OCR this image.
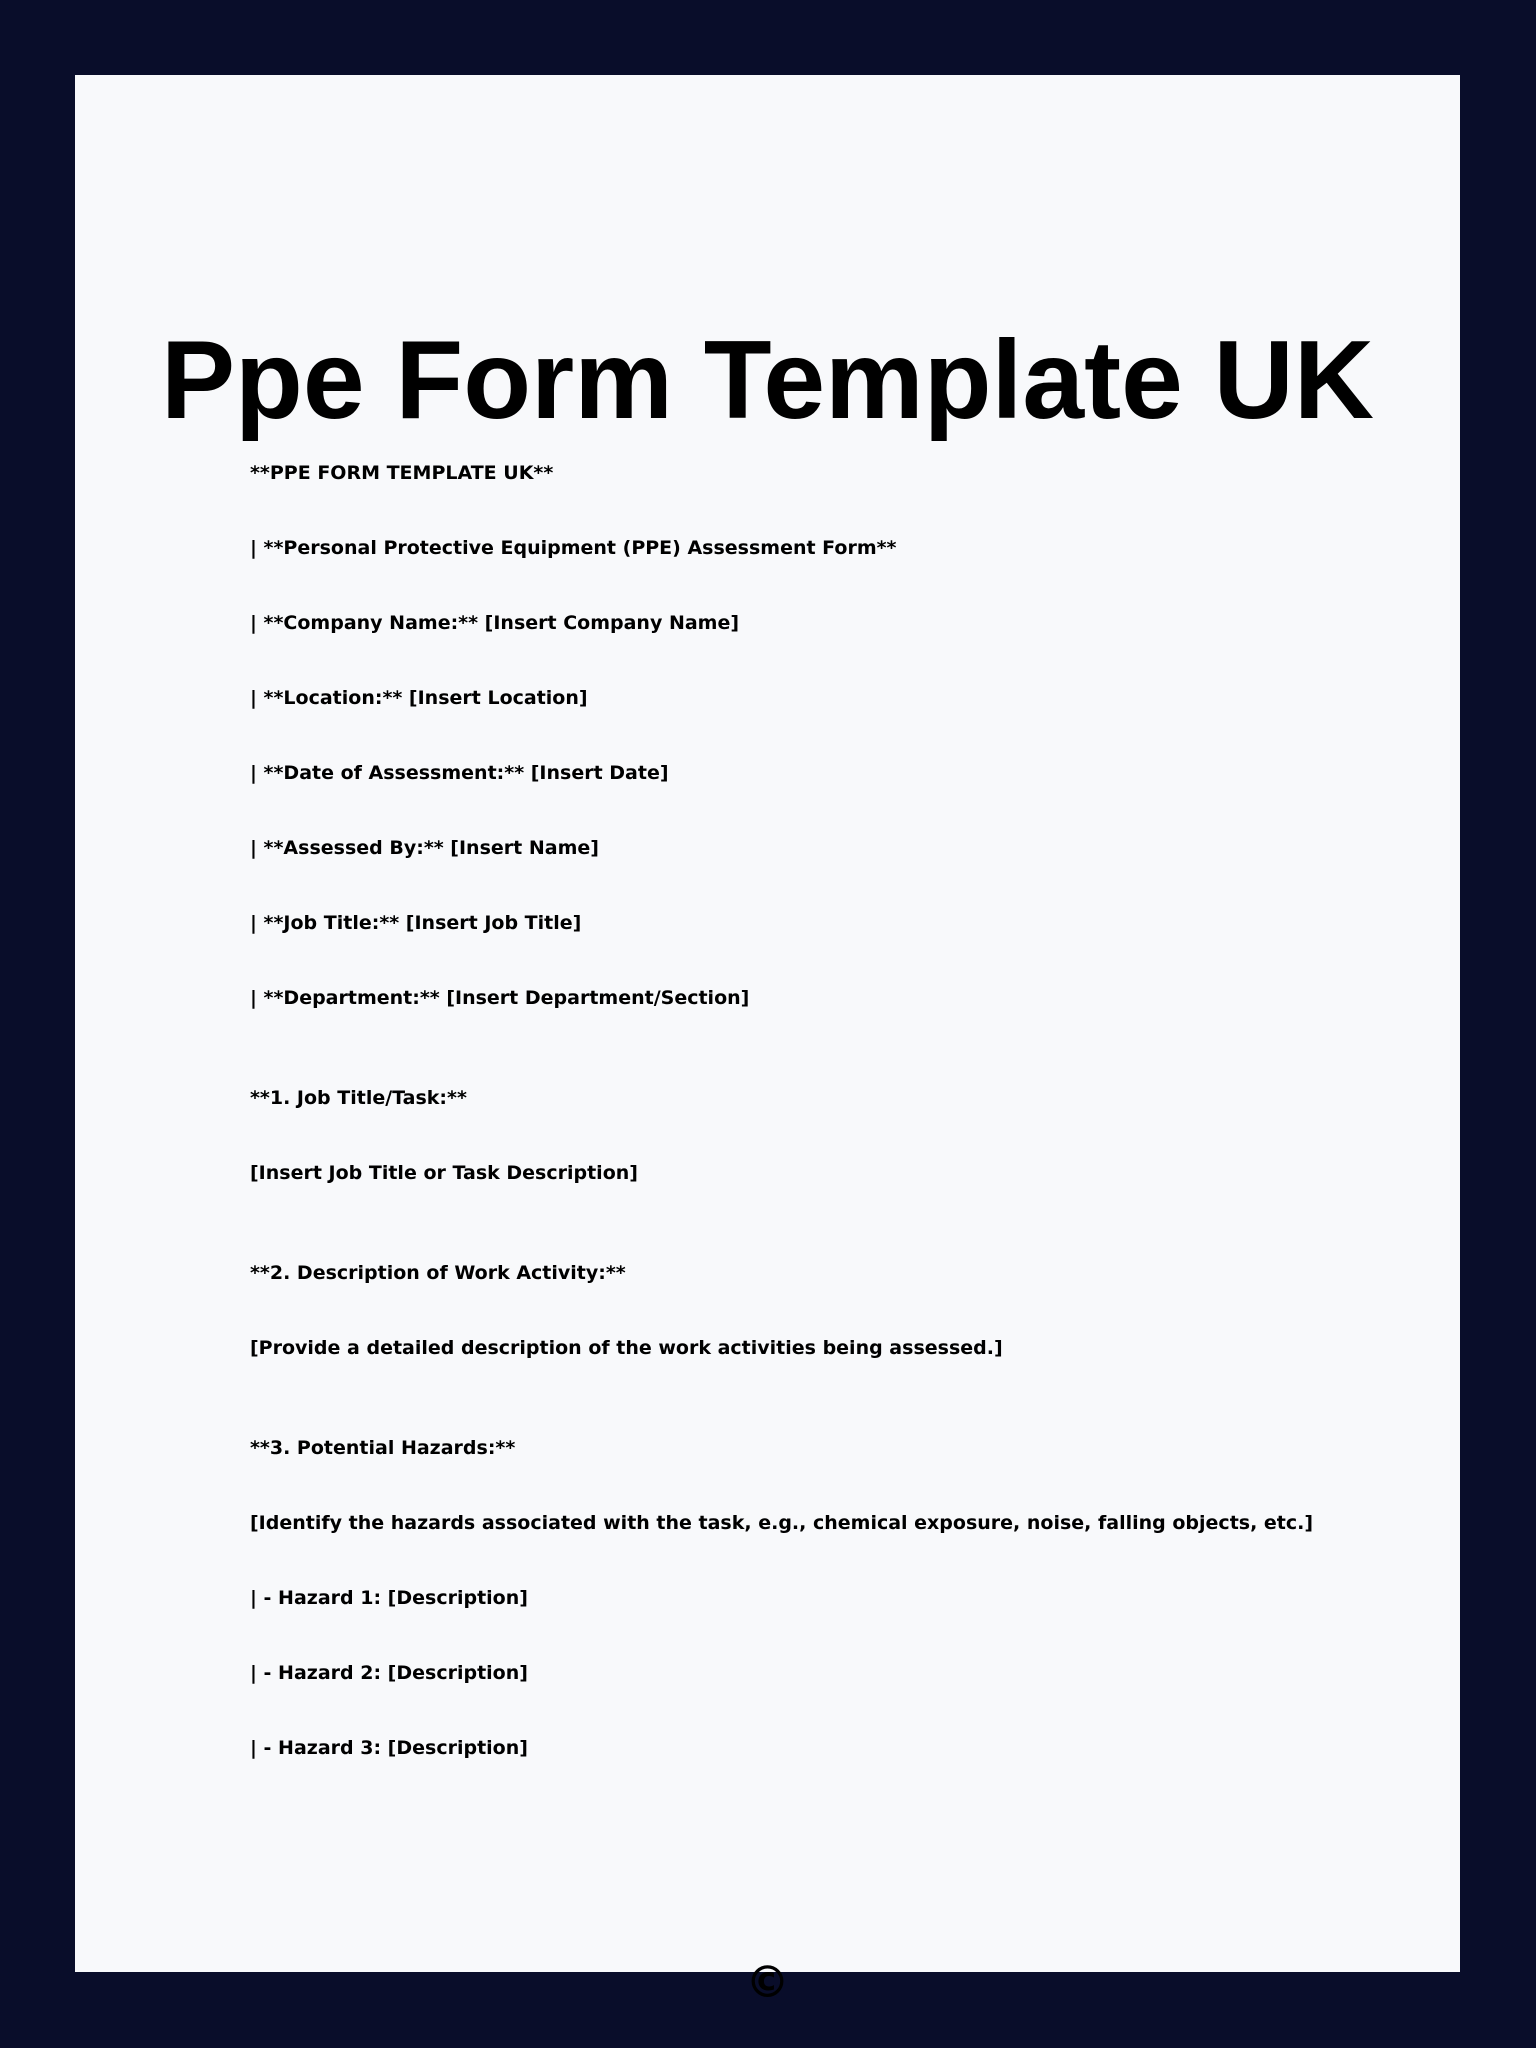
Ppe Form Template UK
**PPE FORM TEMPLATE UK**
| **Personal Protective Equipment (PPE) Assessment Form**
| **Company Name:** [Insert Company Name]
| **Location:** [Insert Location]
| **Date of Assessment:** [Insert Date]
| **Assessed By:** [Insert Name]
| **Job Title:** [Insert Job Title]
| **Department:** [Insert Department/Section]
**1. Job Title/Task:**
[Insert Job Title or Task Description]
**2. Description of Work Activity:**
[Provide a detailed description of the work activities being assessed.]
**3. Potential Hazards:**
[Identify the hazards associated with the task, e.g., chemical exposure, noise, falling objects, etc.]
| - Hazard 1: [Description]
| - Hazard 2: [Description]
| - Hazard 3: [Description]
©
